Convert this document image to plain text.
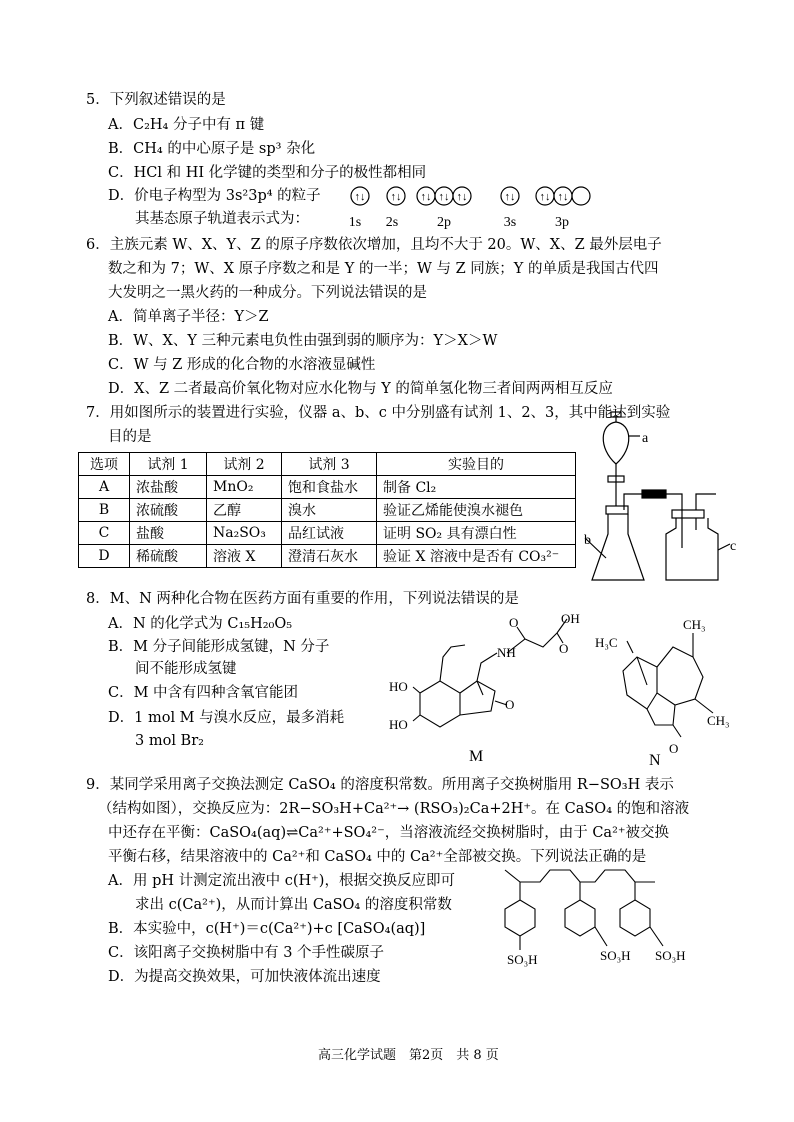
5．下列叙述错误的是
A．C₂H₄ 分子中有 π 键
B．CH₄ 的中心原子是 sp³ 杂化
C．HCl 和 HI 化学键的类型和分子的极性都相同
D．价电子构型为 3s²3p⁴ 的粒子
其基态原子轨道表示式为：
↑↓ ↑↓ ↑↓ ↑↓ ↑↓	↑↓ ↑↓ ↑↓
1s 2s	2p	3s	3p
6．主族元素 W、X、Y、Z 的原子序数依次增加，且均不大于 20。W、X、Z 最外层电子
数之和为 7；W、X 原子序数之和是 Y 的一半；W 与 Z 同族；Y 的单质是我国古代四
大发明之一黑火药的一种成分。下列说法错误的是
A．简单离子半径：Y＞Z
B．W、X、Y 三种元素电负性由强到弱的顺序为：Y＞X＞W
C．W 与 Z 形成的化合物的水溶液显碱性
D．X、Z 二者最高价氧化物对应水化物与 Y 的简单氢化物三者间两两相互反应
7．用如图所示的装置进行实验，仪器 a、b、c 中分别盛有试剂 1、2、3，其中能达到实验
目的是
选项	试剂 1	试剂 2	试剂 3	实验目的
A	浓盐酸	MnO₂	饱和食盐水	制备 Cl₂
B	浓硫酸	乙醇	溴水	验证乙烯能使溴水褪色
C	盐酸	Na₂SO₃	品红试液	证明 SO₂ 具有漂白性
D	稀硫酸	溶液 X	澄清石灰水	验证 X 溶液中是否有 CO₃²⁻
a
b	c
8．M、N 两种化合物在医药方面有重要的作用，下列说法错误的是
A．N 的化学式为 C₁₅H₂₀O₅
B．M 分子间能形成氢键，N 分子
间不能形成氢键
C．M 中含有四种含氧官能团
D．1 mol M 与溴水反应，最多消耗
3 mol Br₂
OH
NH
O
O
HO
HO
O
M
CH₃
H₃C
O
CH₃
N
9．某同学采用离子交换法测定 CaSO₄ 的溶度积常数。所用离子交换树脂用 R−SO₃H 表示
（结构如图），交换反应为：2R−SO₃H+Ca²⁺→ (RSO₃)₂Ca+2H⁺。在 CaSO₄ 的饱和溶液
中还存在平衡：CaSO₄(aq)⇌Ca²⁺+SO₄²⁻，当溶液流经交换树脂时，由于 Ca²⁺被交换
平衡右移，结果溶液中的 Ca²⁺和 CaSO₄ 中的 Ca²⁺全部被交换。下列说法正确的是
A．用 pH 计测定流出液中 c(H⁺)，根据交换反应即可
求出 c(Ca²⁺)，从而计算出 CaSO₄ 的溶度积常数
B．本实验中，c(H⁺)＝c(Ca²⁺)+c [CaSO₄(aq)]
C．该阳离子交换树脂中有 3 个手性碳原子
D．为提高交换效果，可加快液体流出速度
SO₃H	SO₃H SO₃H
高三化学试题　第2页　共 8 页
